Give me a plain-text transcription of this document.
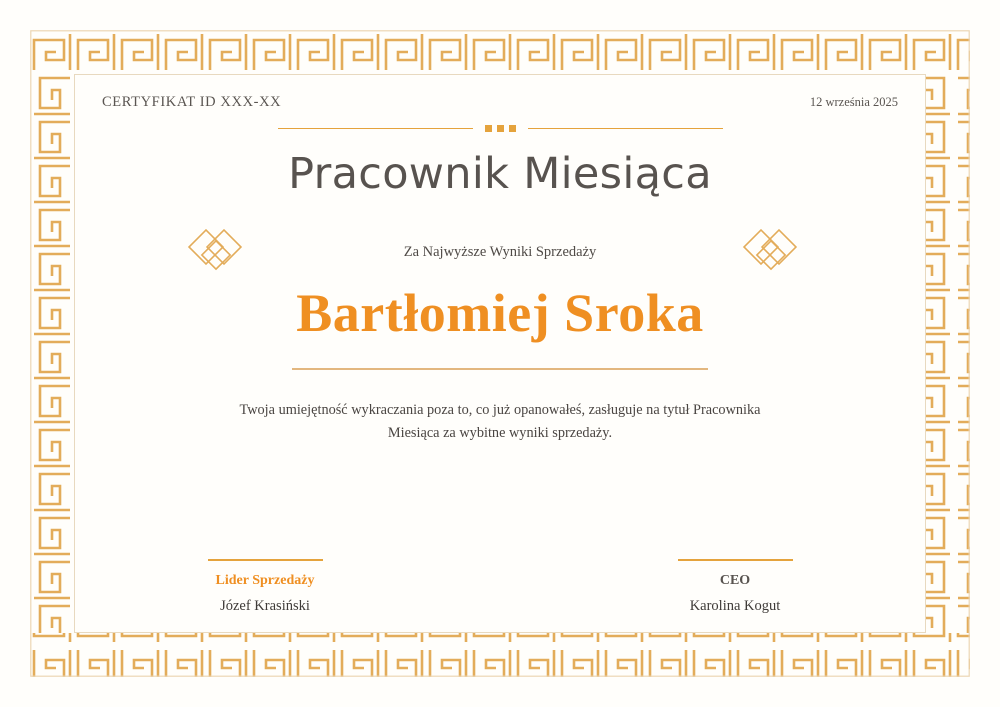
CERTYFIKAT ID XXX-XX	12 września 2025
Pracownik Miesiąca
Za Najwyższe Wyniki Sprzedaży
Bartłomiej Sroka
Twoja umiejętność wykraczania poza to, co już opanowałeś, zasługuje na tytuł Pracownika Miesiąca za wybitne wyniki sprzedaży.
Lider Sprzedaży
Józef Krasiński
CEO
Karolina Kogut
